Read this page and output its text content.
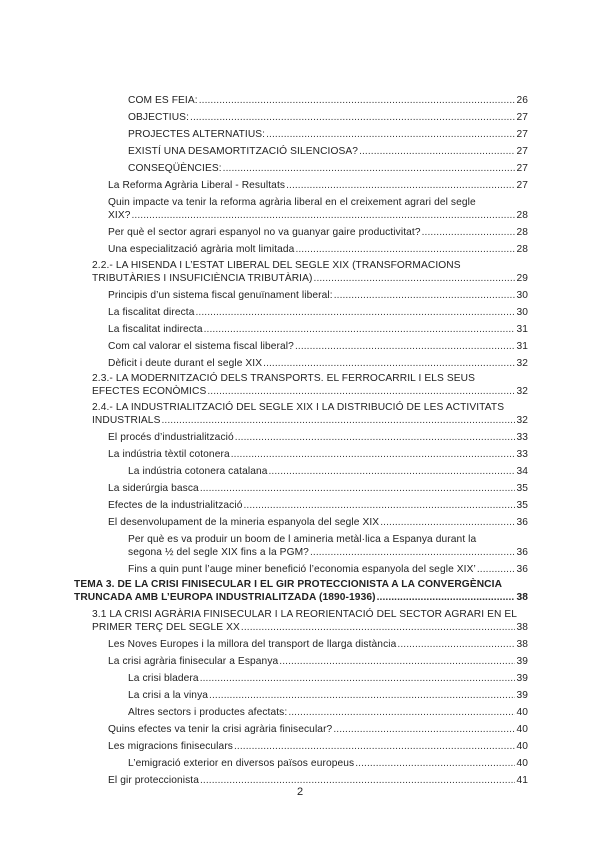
COM ES FEIA: .....	26
OBJECTIUS: .....	27
PROJECTES ALTERNATIUS: .....	27
EXISTÍ UNA DESAMORTITZACIÓ SILENCIOSA? .....	27
CONSEQÜÈNCIES: .....	27
La Reforma Agrària Liberal - Resultats .....	27
Quin impacte va tenir la reforma agrària liberal en el creixement agrari del segle
XIX? .....	28
Per què el sector agrari espanyol no va guanyar gaire productivitat? .....	28
Una especialització agrària molt limitada .....	28
2.2.- LA HISENDA I L’ESTAT LIBERAL DEL SEGLE XIX (TRANSFORMACIONS
TRIBUTÀRIES I INSUFICIÈNCIA TRIBUTÀRIA) .....	29
Principis d’un sistema fiscal genuïnament liberal: .....	30
La fiscalitat directa .....	30
La fiscalitat indirecta .....	31
Com cal valorar el sistema fiscal liberal? .....	31
Dèficit i deute durant el segle XIX .....	32
2.3.- LA MODERNITZACIÓ DELS TRANSPORTS. EL FERROCARRIL I ELS SEUS
EFECTES ECONÒMICS .....	32
2.4.- LA INDUSTRIALITZACIÓ DEL SEGLE XIX I LA DISTRIBUCIÓ DE LES ACTIVITATS
INDUSTRIALS .....	32
El procés d’industrialització .....	33
La indústria tèxtil cotonera .....	33
La indústria cotonera catalana .....	34
La siderúrgia basca .....	35
Efectes de la industrialització .....	35
El desenvolupament de la mineria espanyola del segle XIX .....	36
Per què es va produir un boom de l amineria metàl·lica a Espanya durant la
segona ½ del segle XIX fins a la PGM? .....	36
Fins a quin punt l’auge miner benefició l’economia espanyola del segle XIX’ .....	36
TEMA 3. DE LA CRISI FINISECULAR I EL GIR PROTECCIONISTA A LA CONVERGÈNCIA
TRUNCADA AMB L’EUROPA INDUSTRIALITZADA (1890-1936) .....	38
3.1 LA CRISI AGRÀRIA FINISECULAR I LA REORIENTACIÓ DEL SECTOR AGRARI EN EL
PRIMER TERÇ DEL SEGLE XX .....	38
Les Noves Europes i la millora del transport de llarga distància .....	38
La crisi agrària finisecular a Espanya .....	39
La crisi bladera .....	39
La crisi a la vinya .....	39
Altres sectors i productes afectats: .....	40
Quins efectes va tenir la crisi agrària finisecular? .....	40
Les migracions finiseculars .....	40
L’emigració exterior en diversos països europeus .....	40
El gir proteccionista .....	41
2
